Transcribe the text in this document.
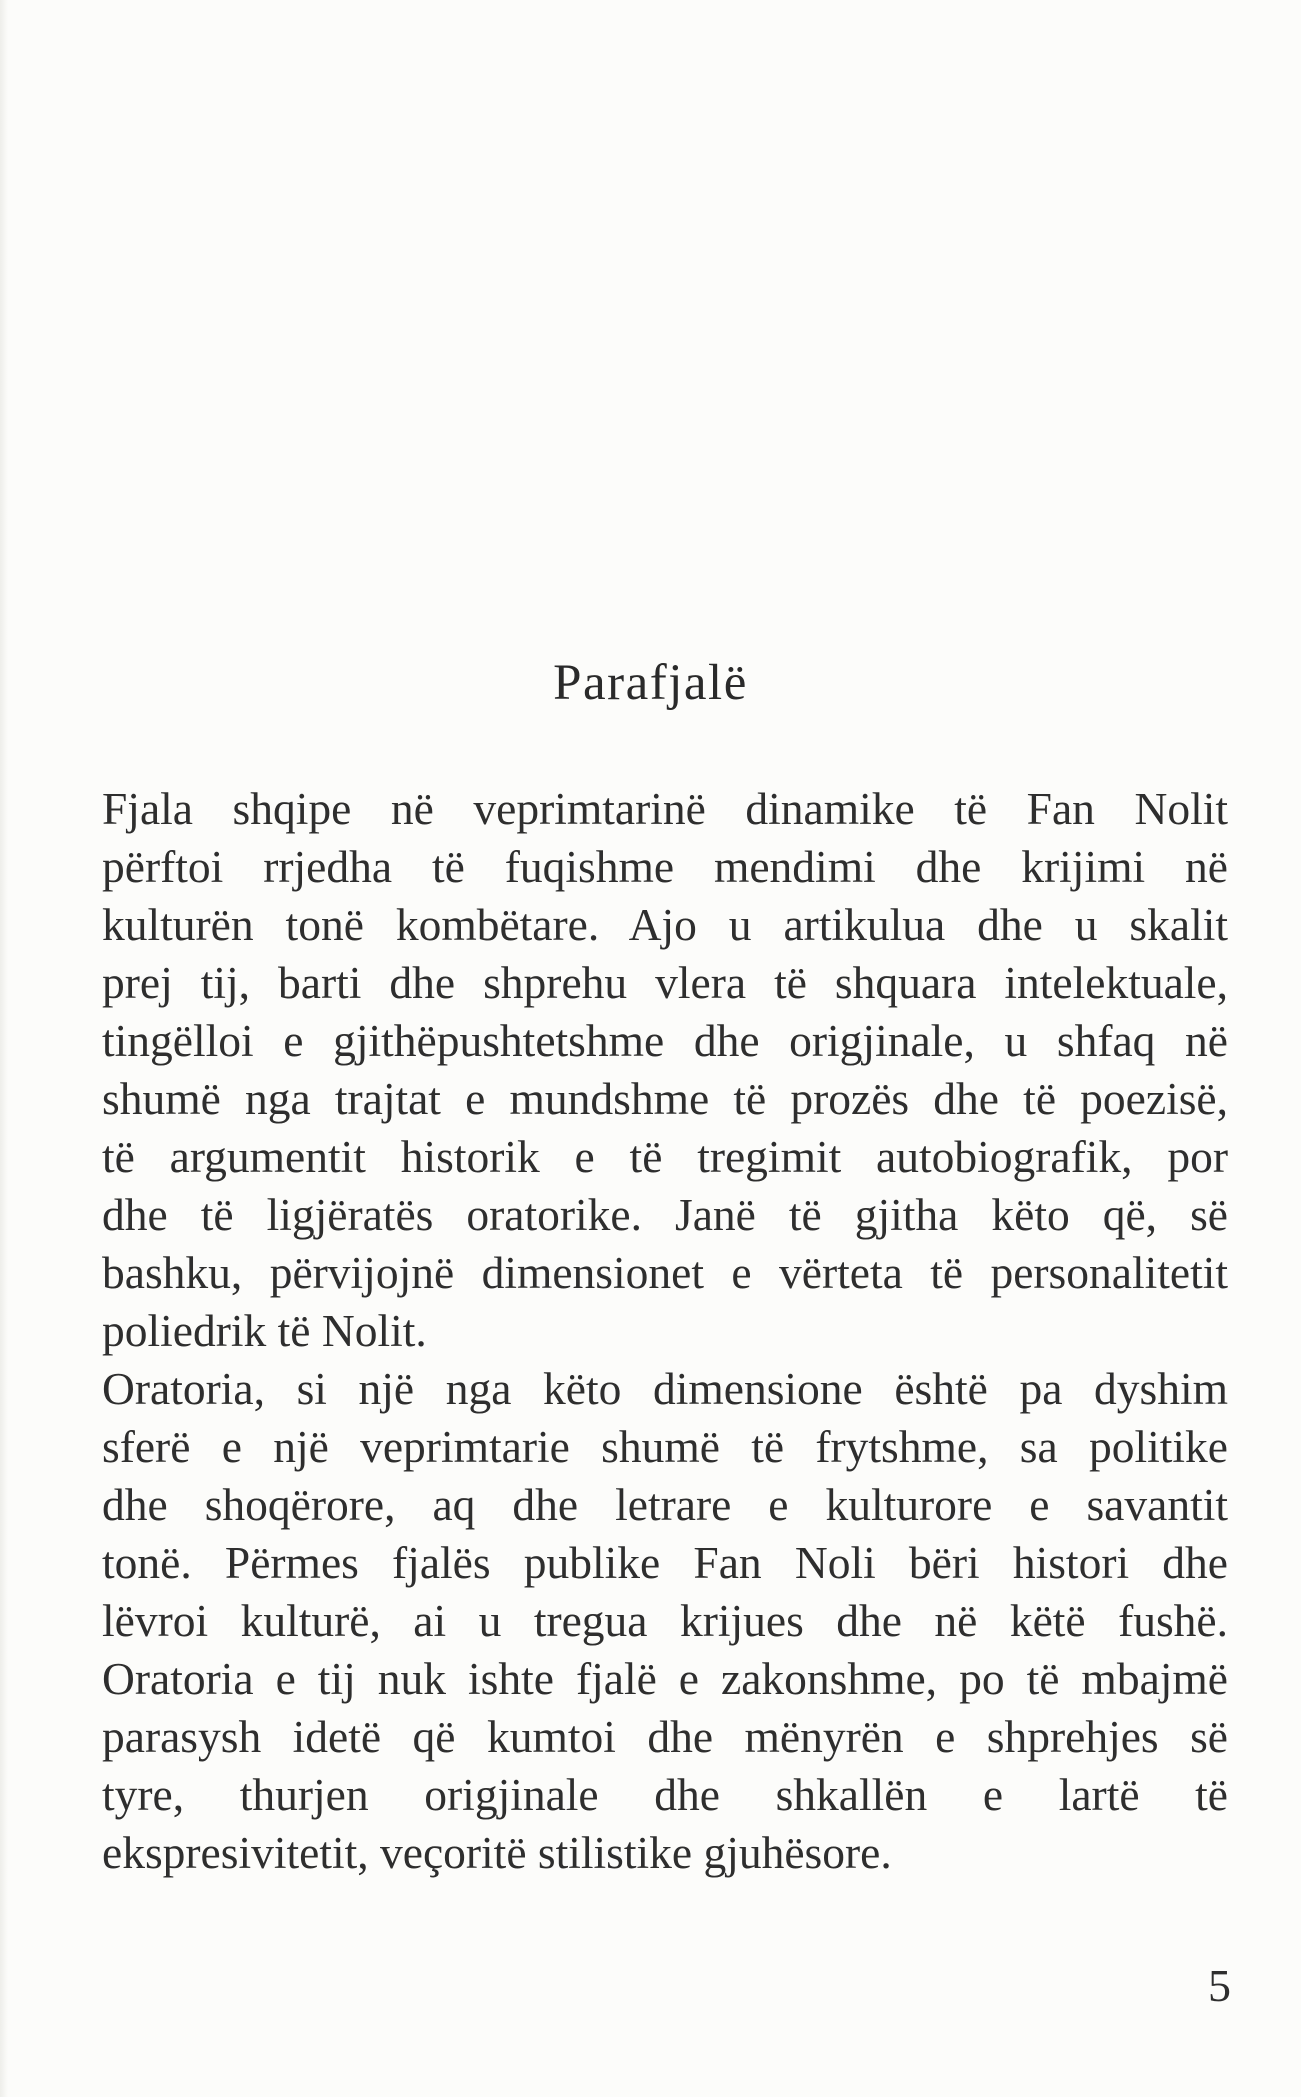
Parafjalë
Fjala shqipe në veprimtarinë dinamike të Fan Nolit
përftoi rrjedha të fuqishme mendimi dhe krijimi në
kulturën tonë kombëtare. Ajo u artikulua dhe u skalit
prej tij, barti dhe shprehu vlera të shquara intelektuale,
tingëlloi e gjithëpushtetshme dhe origjinale, u shfaq në
shumë nga trajtat e mundshme të prozës dhe të poezisë,
të argumentit historik e të tregimit autobiografik, por
dhe të ligjëratës oratorike. Janë të gjitha këto që, së
bashku, përvijojnë dimensionet e vërteta të personalitetit
poliedrik të Nolit.
Oratoria, si një nga këto dimensione është pa dyshim
sferë e një veprimtarie shumë të frytshme, sa politike
dhe shoqërore, aq dhe letrare e kulturore e savantit
tonë. Përmes fjalës publike Fan Noli bëri histori dhe
lëvroi kulturë, ai u tregua krijues dhe në këtë fushë.
Oratoria e tij nuk ishte fjalë e zakonshme, po të mbajmë
parasysh idetë që kumtoi dhe mënyrën e shprehjes së
tyre, thurjen origjinale dhe shkallën e lartë të
ekspresivitetit, veçoritë stilistike gjuhësore.
5
